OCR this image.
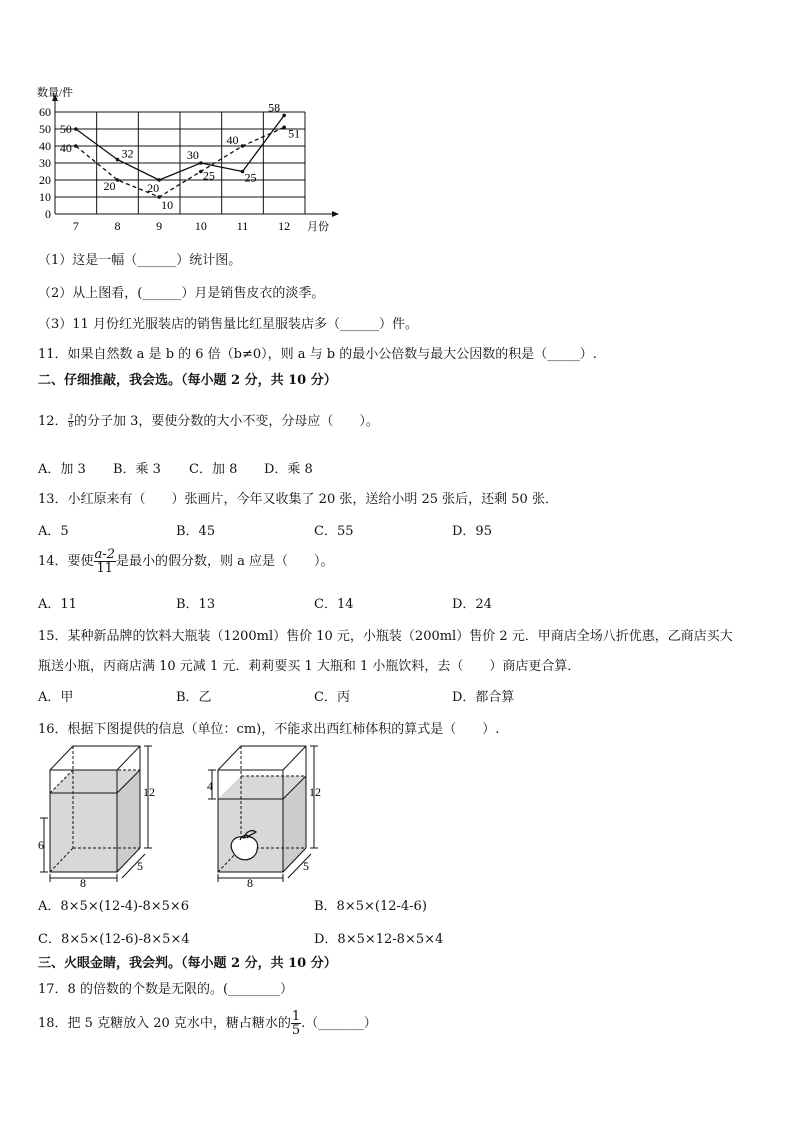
0
10
20
30
40
50
60
7	8	9	10 11 12
数量/件
月份
50
32
20
30
25
58
40
20
10
25
40	51
（1）这是一幅（______）统计图。
（2）从上图看，(______）月是销售皮衣的淡季。
（3）11 月份红光服装店的销售量比红星服装店多（______）件。
11．如果自然数 a 是 b 的 6 倍（b≠0），则 a 与 b 的最小公倍数与最大公因数的积是（_____）.
二、仔细推敲，我会选。（每小题 2 分，共 10 分）
12． $\frac{3}{8}$ 的分子加 3，要使分数的大小不变，分母应（　　）。
A．加 3 B．乘 3 C．加 8 D．乘 8
13．小红原来有（　　）张画片，今年又收集了 20 张，送给小明 25 张后，还剩 50 张．
A．5	B．45	C．55	D．95
14．要使 $\frac{a-2}{11}$ 是最小的假分数，则 a 应是（　　）。
A．11	B．13	C．14	D．24
15．某种新品牌的饮料大瓶装（1200ml）售价 10 元，小瓶装（200ml）售价 2 元．甲商店全场八折优惠，乙商店买大
瓶送小瓶，丙商店满 10 元减 1 元．莉莉要买 1 大瓶和 1 小瓶饮料，去（　　）商店更合算．
A．甲	B．乙	C．丙	D．都合算
16．根据下图提供的信息（单位：cm)，不能求出西红柿体积的算式是（　　）.
12
6
8
5
12
4
8
5
A．8×5×(12-4)-8×5×6	B．8×5×(12-4-6)
C．8×5×(12-6)-8×5×4	D．8×5×12-8×5×4
三、火眼金睛，我会判。（每小题 2 分，共 10 分）
17．8 的倍数的个数是无限的。(________）
18．把 5 克糖放入 20 克水中，糖占糖水的 $\frac{1}{5}$ .（_______）
